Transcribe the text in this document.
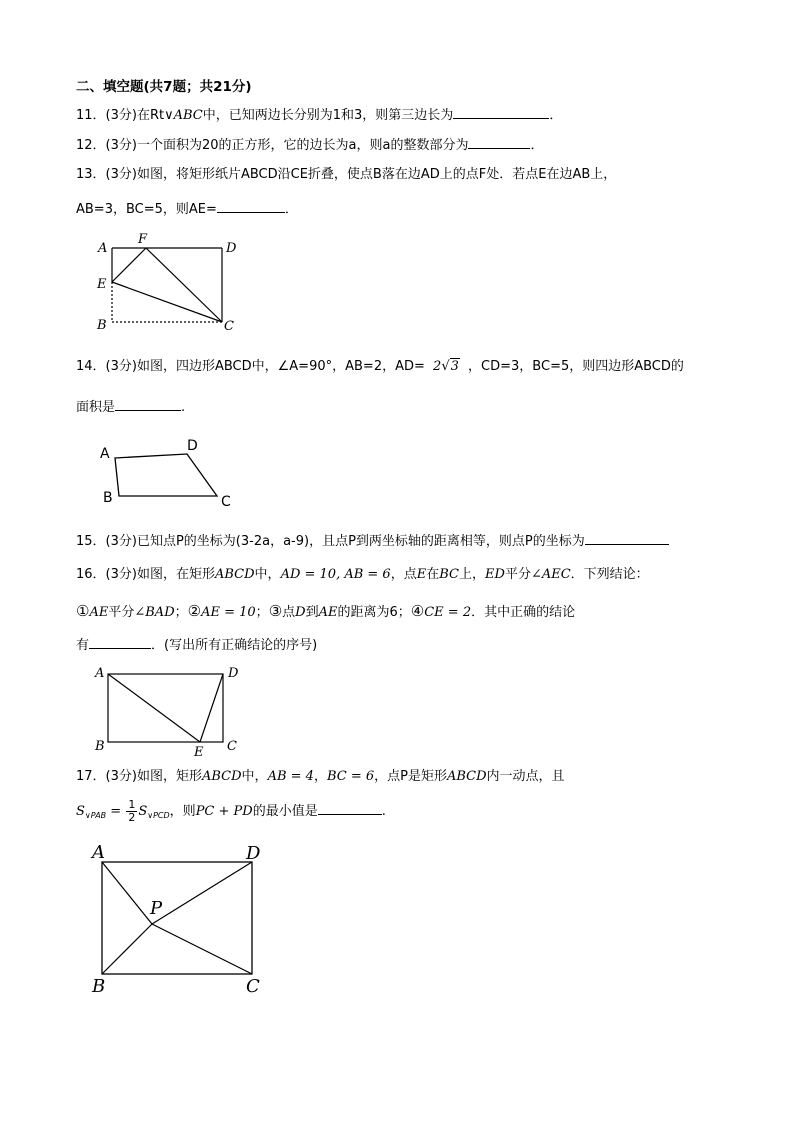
二、填空题(共7题；共21分)
11．(3分)在Rt∨ABC中，已知两边长分别为1和3，则第三边长为	．
12．(3分)一个面积为20的正方形，它的边长为a，则a的整数部分为	．
13．(3分)如图，将矩形纸片ABCD沿CE折叠，使点B落在边AD上的点F处．若点E在边AB上，
AB=3，BC=5，则AE=	．
A
F
D
E
B	C
14．(3分)如图，四边形ABCD中，∠A=90°，AB=2，AD= 2√3 ，CD=3，BC=5，则四边形ABCD的
面积是	.
A	D
B	C
15．(3分)已知点P的坐标为(3-2a，a-9)，且点P到两坐标轴的距离相等，则点P的坐标为
16．(3分)如图，在矩形ABCD中，AD = 10, AB = 6，点E在BC上，ED平分∠AEC．下列结论：
①AE平分∠BAD；②AE = 10；③点D到AE的距离为6；④CE = 2．其中正确的结论
有	．(写出所有正确结论的序号)
A	D
B	E C
17．(3分)如图，矩形ABCD中，AB = 4，BC = 6，点P是矩形ABCD内一动点，且
$S_{\vee PAB} = \frac{1}{2} S_{\vee PCD}$，则PC + PD的最小值是	.
A	D
P
B	C
